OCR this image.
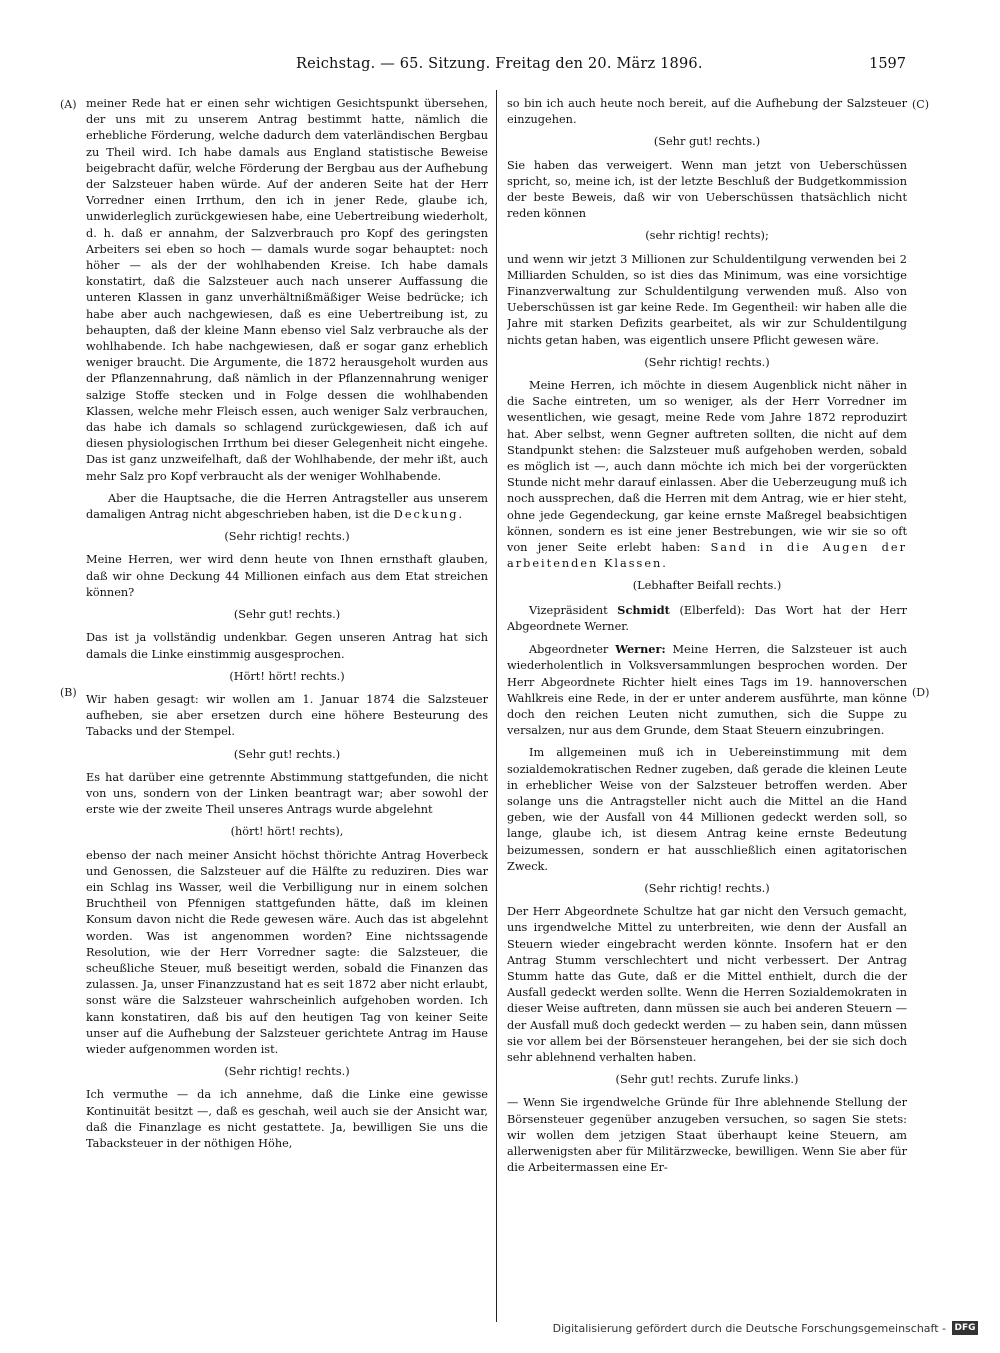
Reichstag. — 65. Sitzung. Freitag den 20. März 1896.	1597
(A)
(B)
(C)
(D)

meiner Rede hat er einen sehr wichtigen Gesichtspunkt übersehen, der uns mit zu unserem Antrag bestimmt hatte, nämlich die erhebliche Förderung, welche dadurch dem vaterländischen Bergbau zu Theil wird. Ich habe damals aus England statistische Beweise beigebracht dafür, welche Förderung der Bergbau aus der Aufhebung der Salzsteuer haben würde. Auf der anderen Seite hat der Herr Vorredner einen Irrthum, den ich in jener Rede, glaube ich, unwiderleglich zurückgewiesen habe, eine Uebertreibung wiederholt, d. h. daß er annahm, der Salzverbrauch pro Kopf des geringsten Arbeiters sei eben so hoch — damals wurde sogar behauptet: noch höher — als der der wohlhabenden Kreise. Ich habe damals konstatirt, daß die Salzsteuer auch nach unserer Auffassung die unteren Klassen in ganz unverhältnißmäßiger Weise bedrücke; ich habe aber auch nachgewiesen, daß es eine Uebertreibung ist, zu behaupten, daß der kleine Mann ebenso viel Salz verbrauche als der wohlhabende. Ich habe nachgewiesen, daß er sogar ganz erheblich weniger braucht. Die Argumente, die 1872 herausgeholt wurden aus der Pflanzennahrung, daß nämlich in der Pflanzennahrung weniger salzige Stoffe stecken und in Folge dessen die wohlhabenden Klassen, welche mehr Fleisch essen, auch weniger Salz verbrauchen, das habe ich damals so schlagend zurückgewiesen, daß ich auf diesen physiologischen Irrthum bei dieser Gelegenheit nicht eingehe. Das ist ganz unzweifelhaft, daß der Wohlhabende, der mehr ißt, auch mehr Salz pro Kopf verbraucht als der weniger Wohlhabende.

Aber die Hauptsache, die die Herren Antragsteller aus unserem damaligen Antrag nicht abgeschrieben haben, ist die Deckung.

(Sehr richtig! rechts.)

Meine Herren, wer wird denn heute von Ihnen ernsthaft glauben, daß wir ohne Deckung 44 Millionen einfach aus dem Etat streichen können?

(Sehr gut! rechts.)

Das ist ja vollständig undenkbar. Gegen unseren Antrag hat sich damals die Linke einstimmig ausgesprochen.

(Hört! hört! rechts.)

Wir haben gesagt: wir wollen am 1. Januar 1874 die Salzsteuer aufheben, sie aber ersetzen durch eine höhere Besteurung des Tabacks und der Stempel.

(Sehr gut! rechts.)

Es hat darüber eine getrennte Abstimmung stattgefunden, die nicht von uns, sondern von der Linken beantragt war; aber sowohl der erste wie der zweite Theil unseres Antrags wurde abgelehnt

(hört! hört! rechts),

ebenso der nach meiner Ansicht höchst thörichte Antrag Hoverbeck und Genossen, die Salzsteuer auf die Hälfte zu reduziren. Dies war ein Schlag ins Wasser, weil die Verbilligung nur in einem solchen Bruchtheil von Pfennigen stattgefunden hätte, daß im kleinen Konsum davon nicht die Rede gewesen wäre. Auch das ist abgelehnt worden. Was ist angenommen worden? Eine nichtssagende Resolution, wie der Herr Vorredner sagte: die Salzsteuer, die scheußliche Steuer, muß beseitigt werden, sobald die Finanzen das zulassen. Ja, unser Finanzzustand hat es seit 1872 aber nicht erlaubt, sonst wäre die Salzsteuer wahrscheinlich aufgehoben worden. Ich kann konstatiren, daß bis auf den heutigen Tag von keiner Seite unser auf die Aufhebung der Salzsteuer gerichtete Antrag im Hause wieder aufgenommen worden ist.

(Sehr richtig! rechts.)

Ich vermuthe — da ich annehme, daß die Linke eine gewisse Kontinuität besitzt —, daß es geschah, weil auch sie der Ansicht war, daß die Finanzlage es nicht gestattete. Ja, bewilligen Sie uns die Tabacksteuer in der nöthigen Höhe,

so bin ich auch heute noch bereit, auf die Aufhebung der Salzsteuer einzugehen.

(Sehr gut! rechts.)

Sie haben das verweigert. Wenn man jetzt von Ueberschüssen spricht, so, meine ich, ist der letzte Beschluß der Budgetkommission der beste Beweis, daß wir von Ueberschüssen thatsächlich nicht reden können

(sehr richtig! rechts);

und wenn wir jetzt 3 Millionen zur Schuldentilgung verwenden bei 2 Milliarden Schulden, so ist dies das Minimum, was eine vorsichtige Finanzverwaltung zur Schuldentilgung verwenden muß. Also von Ueberschüssen ist gar keine Rede. Im Gegentheil: wir haben alle die Jahre mit starken Defizits gearbeitet, als wir zur Schuldentilgung nichts getan haben, was eigentlich unsere Pflicht gewesen wäre.

(Sehr richtig! rechts.)

Meine Herren, ich möchte in diesem Augenblick nicht näher in die Sache eintreten, um so weniger, als der Herr Vorredner im wesentlichen, wie gesagt, meine Rede vom Jahre 1872 reproduzirt hat. Aber selbst, wenn Gegner auftreten sollten, die nicht auf dem Standpunkt stehen: die Salzsteuer muß aufgehoben werden, sobald es möglich ist —, auch dann möchte ich mich bei der vorgerückten Stunde nicht mehr darauf einlassen. Aber die Ueberzeugung muß ich noch aussprechen, daß die Herren mit dem Antrag, wie er hier steht, ohne jede Gegendeckung, gar keine ernste Maßregel beabsichtigen können, sondern es ist eine jener Bestrebungen, wie wir sie so oft von jener Seite erlebt haben: Sand in die Augen der arbeitenden Klassen.

(Lebhafter Beifall rechts.)

Vizepräsident Schmidt (Elberfeld): Das Wort hat der Herr Abgeordnete Werner.

Abgeordneter Werner: Meine Herren, die Salzsteuer ist auch wiederholentlich in Volksversammlungen besprochen worden. Der Herr Abgeordnete Richter hielt eines Tags im 19. hannoverschen Wahlkreis eine Rede, in der er unter anderem ausführte, man könne doch den reichen Leuten nicht zumuthen, sich die Suppe zu versalzen, nur aus dem Grunde, dem Staat Steuern einzubringen.

Im allgemeinen muß ich in Uebereinstimmung mit dem sozialdemokratischen Redner zugeben, daß gerade die kleinen Leute in erheblicher Weise von der Salzsteuer betroffen werden. Aber solange uns die Antragsteller nicht auch die Mittel an die Hand geben, wie der Ausfall von 44 Millionen gedeckt werden soll, so lange, glaube ich, ist diesem Antrag keine ernste Bedeutung beizumessen, sondern er hat ausschließlich einen agitatorischen Zweck.

(Sehr richtig! rechts.)

Der Herr Abgeordnete Schultze hat gar nicht den Versuch gemacht, uns irgendwelche Mittel zu unterbreiten, wie denn der Ausfall an Steuern wieder eingebracht werden könnte. Insofern hat er den Antrag Stumm verschlechtert und nicht verbessert. Der Antrag Stumm hatte das Gute, daß er die Mittel enthielt, durch die der Ausfall gedeckt werden sollte. Wenn die Herren Sozialdemokraten in dieser Weise auftreten, dann müssen sie auch bei anderen Steuern — der Ausfall muß doch gedeckt werden — zu haben sein, dann müssen sie vor allem bei der Börsensteuer herangehen, bei der sie sich doch sehr ablehnend verhalten haben.

(Sehr gut! rechts. Zurufe links.)

— Wenn Sie irgendwelche Gründe für Ihre ablehnende Stellung der Börsensteuer gegenüber anzugeben versuchen, so sagen Sie stets: wir wollen dem jetzigen Staat überhaupt keine Steuern, am allerwenigsten aber für Militärzwecke, bewilligen. Wenn Sie aber für die Arbeitermassen eine Er-

Digitalisierung gefördert durch die Deutsche Forschungsgemeinschaft - DFG
